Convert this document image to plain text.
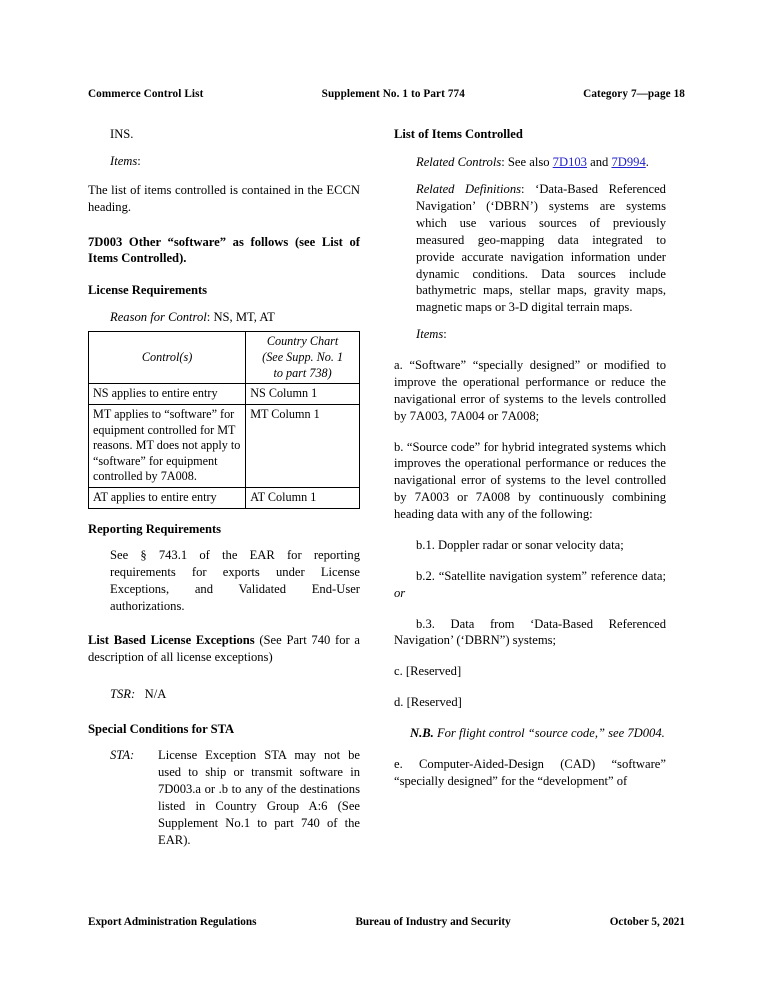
Commerce Control List	Supplement No. 1 to Part 774	Category 7—page 18

INS.

Items:

The list of items controlled is contained in the ECCN heading.

7D003 Other “software” as follows (see List of Items Controlled).

License Requirements

Reason for Control: NS, MT, AT

Control(s)	Country Chart
(See Supp. No. 1
to part 738)
NS applies to entire entry	NS Column 1
MT applies to “software” for equipment controlled for MT reasons. MT does not apply to “software” for equipment controlled by 7A008.	MT Column 1
AT applies to entire entry	AT Column 1

Reporting Requirements

See § 743.1 of the EAR for reporting requirements for exports under License Exceptions, and Validated End-User authorizations.

List Based License Exceptions (See Part 740 for a description of all license exceptions)

TSR: N/A

Special Conditions for STA

STA:	License Exception STA may not be used to ship or transmit software in 7D003.a or .b to any of the destinations listed in Country Group A:6 (See Supplement No.1 to part 740 of the EAR).

List of Items Controlled

Related Controls: See also 7D103 and 7D994.

Related Definitions: ‘Data-Based Referenced Navigation’ (‘DBRN’) systems are systems which use various sources of previously measured geo-mapping data integrated to provide accurate navigation information under dynamic conditions. Data sources include bathymetric maps, stellar maps, gravity maps, magnetic maps or 3-D digital terrain maps.

Items:

a. “Software” “specially designed” or modified to improve the operational performance or reduce the navigational error of systems to the levels controlled by 7A003, 7A004 or 7A008;

b. “Source code” for hybrid integrated systems which improves the operational performance or reduces the navigational error of systems to the level controlled by 7A003 or 7A008 by continuously combining heading data with any of the following:

b.1. Doppler radar or sonar velocity data;

b.2. “Satellite navigation system” reference data; or

b.3. Data from ‘Data-Based Referenced Navigation’ (‘DBRN”) systems;

c. [Reserved]

d. [Reserved]

N.B. For flight control “source code,” see 7D004.

e. Computer-Aided-Design (CAD) “software” “specially designed” for the “development” of

Export Administration Regulations	Bureau of Industry and Security	October 5, 2021
